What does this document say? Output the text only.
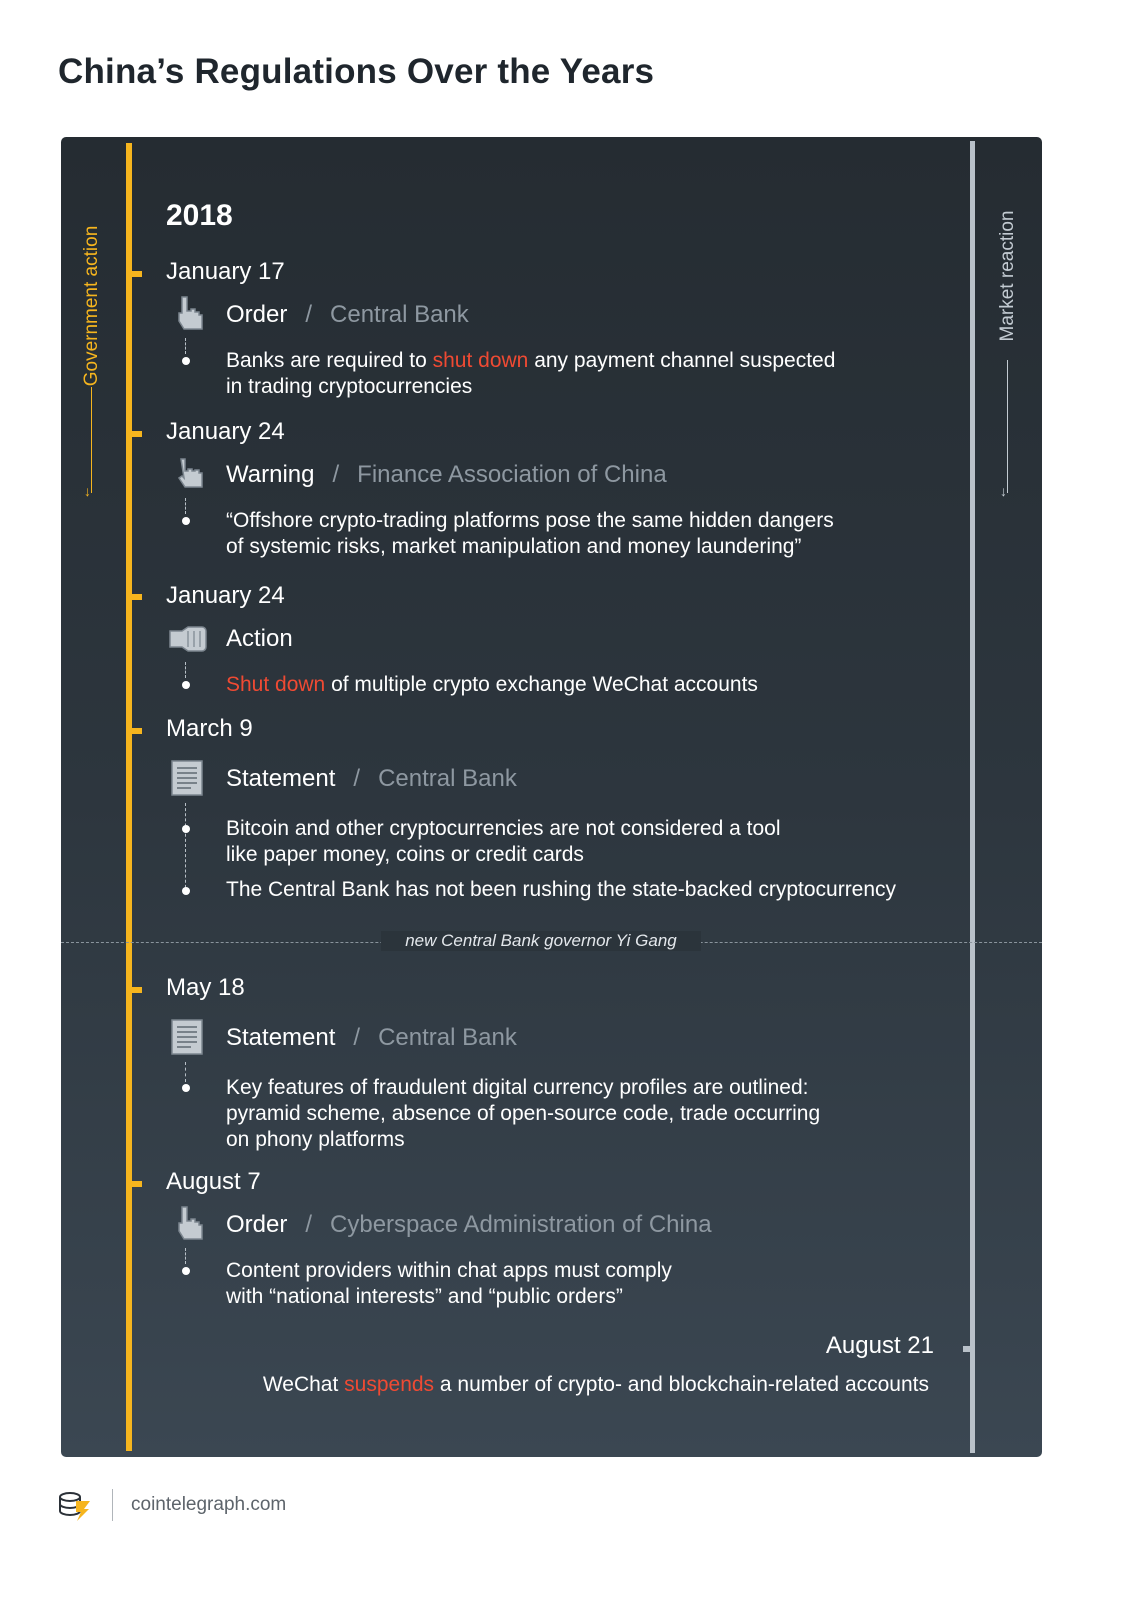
China’s Regulations Over the Years
Government action
↓
Market reaction
↓
2018
January 17
Order / Central Bank
Banks are required to shut down any payment channel suspected
in trading cryptocurrencies
January 24
Warning / Finance Association of China
“Offshore crypto-trading platforms pose the same hidden dangers
of systemic risks, market manipulation and money laundering”
January 24
Action
Shut down of multiple crypto exchange WeChat accounts
March 9
Statement / Central Bank
Bitcoin and other cryptocurrencies are not considered a tool
like paper money, coins or credit cards
The Central Bank has not been rushing the state-backed cryptocurrency
new Central Bank governor Yi Gang
May 18
Statement / Central Bank
Key features of fraudulent digital currency profiles are outlined:
pyramid scheme, absence of open-source code, trade occurring
on phony platforms
August 7
Order / Cyberspace Administration of China
Content providers within chat apps must comply
with “national interests” and “public orders”
August 21
WeChat suspends a number of crypto- and blockchain-related accounts
cointelegraph.com
